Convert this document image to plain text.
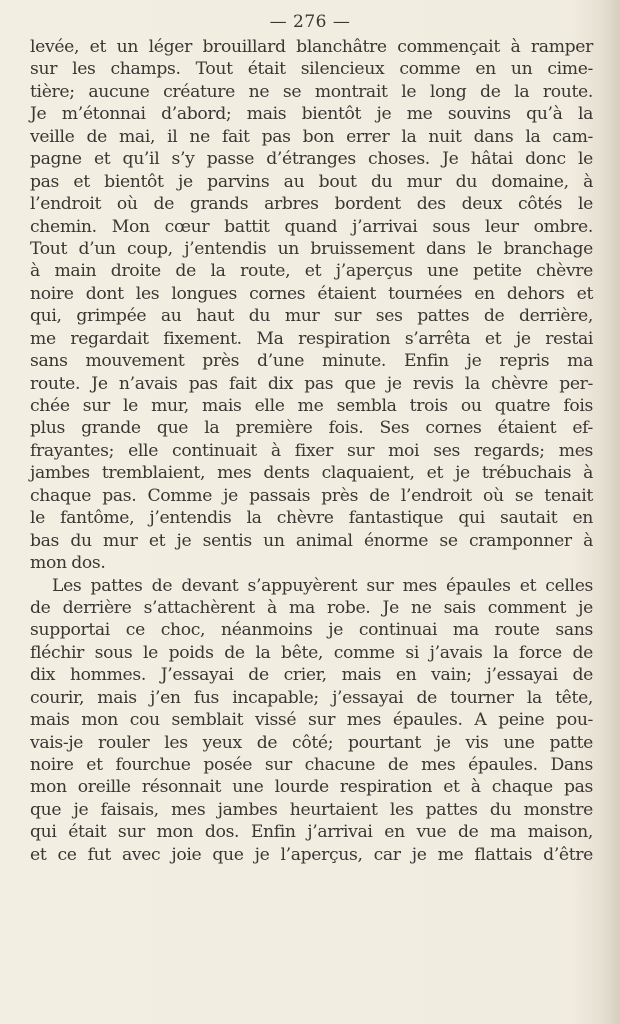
— 276 —
levée, et un léger brouillard blanchâtre commençait à ramper
sur les champs. Tout était silencieux comme en un cime-
tière; aucune créature ne se montrait le long de la route.
Je m’étonnai d’abord; mais bientôt je me souvins qu’à la
veille de mai, il ne fait pas bon errer la nuit dans la cam-
pagne et qu’il s’y passe d’étranges choses. Je hâtai donc le
pas et bientôt je parvins au bout du mur du domaine, à
l’endroit où de grands arbres bordent des deux côtés le
chemin. Mon cœur battit quand j’arrivai sous leur ombre.
Tout d’un coup, j’entendis un bruissement dans le branchage
à main droite de la route, et j’aperçus une petite chèvre
noire dont les longues cornes étaient tournées en dehors et
qui, grimpée au haut du mur sur ses pattes de derrière,
me regardait fixement. Ma respiration s’arrêta et je restai
sans mouvement près d’une minute. Enfin je repris ma
route. Je n’avais pas fait dix pas que je revis la chèvre per-
chée sur le mur, mais elle me sembla trois ou quatre fois
plus grande que la première fois. Ses cornes étaient ef-
frayantes; elle continuait à fixer sur moi ses regards; mes
jambes tremblaient, mes dents claquaient, et je trébuchais à
chaque pas. Comme je passais près de l’endroit où se tenait
le fantôme, j’entendis la chèvre fantastique qui sautait en
bas du mur et je sentis un animal énorme se cramponner à
mon dos.
Les pattes de devant s’appuyèrent sur mes épaules et celles
de derrière s’attachèrent à ma robe. Je ne sais comment je
supportai ce choc, néanmoins je continuai ma route sans
fléchir sous le poids de la bête, comme si j’avais la force de
dix hommes. J’essayai de crier, mais en vain; j’essayai de
courir, mais j’en fus incapable; j’essayai de tourner la tête,
mais mon cou semblait vissé sur mes épaules. A peine pou-
vais-je rouler les yeux de côté; pourtant je vis une patte
noire et fourchue posée sur chacune de mes épaules. Dans
mon oreille résonnait une lourde respiration et à chaque pas
que je faisais, mes jambes heurtaient les pattes du monstre
qui était sur mon dos. Enfin j’arrivai en vue de ma maison,
et ce fut avec joie que je l’aperçus, car je me flattais d’être
